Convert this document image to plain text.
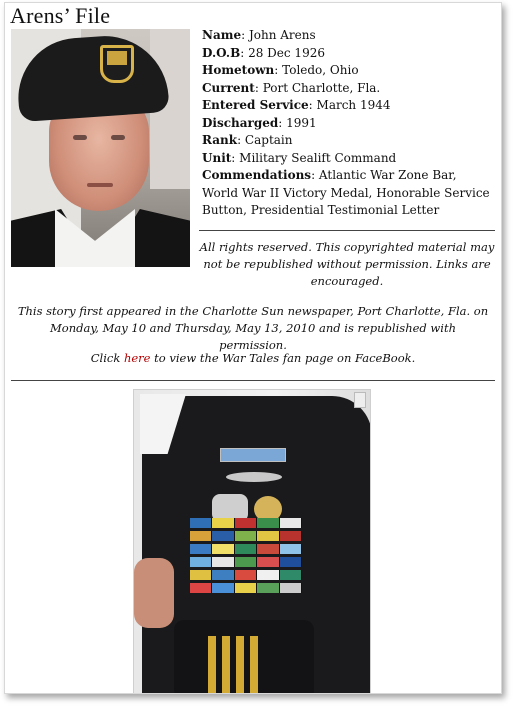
Arens’ File
Name: John Arens
D.O.B: 28 Dec 1926
Hometown: Toledo, Ohio
Current: Port Charlotte, Fla.
Entered Service: March 1944
Discharged: 1991
Rank: Captain
Unit: Military Sealift Command
Commendations: Atlantic War Zone Bar, World War II Victory Medal, Honorable Service Button, Presidential Testimonial Letter
All rights reserved. This copyrighted material may not be republished without permission. Links are encouraged.
This story first appeared in the Charlotte Sun newspaper, Port Charlotte, Fla. on Monday, May 10 and Thursday, May 13, 2010 and is republished with permission.
Click here to view the War Tales fan page on FaceBook.
